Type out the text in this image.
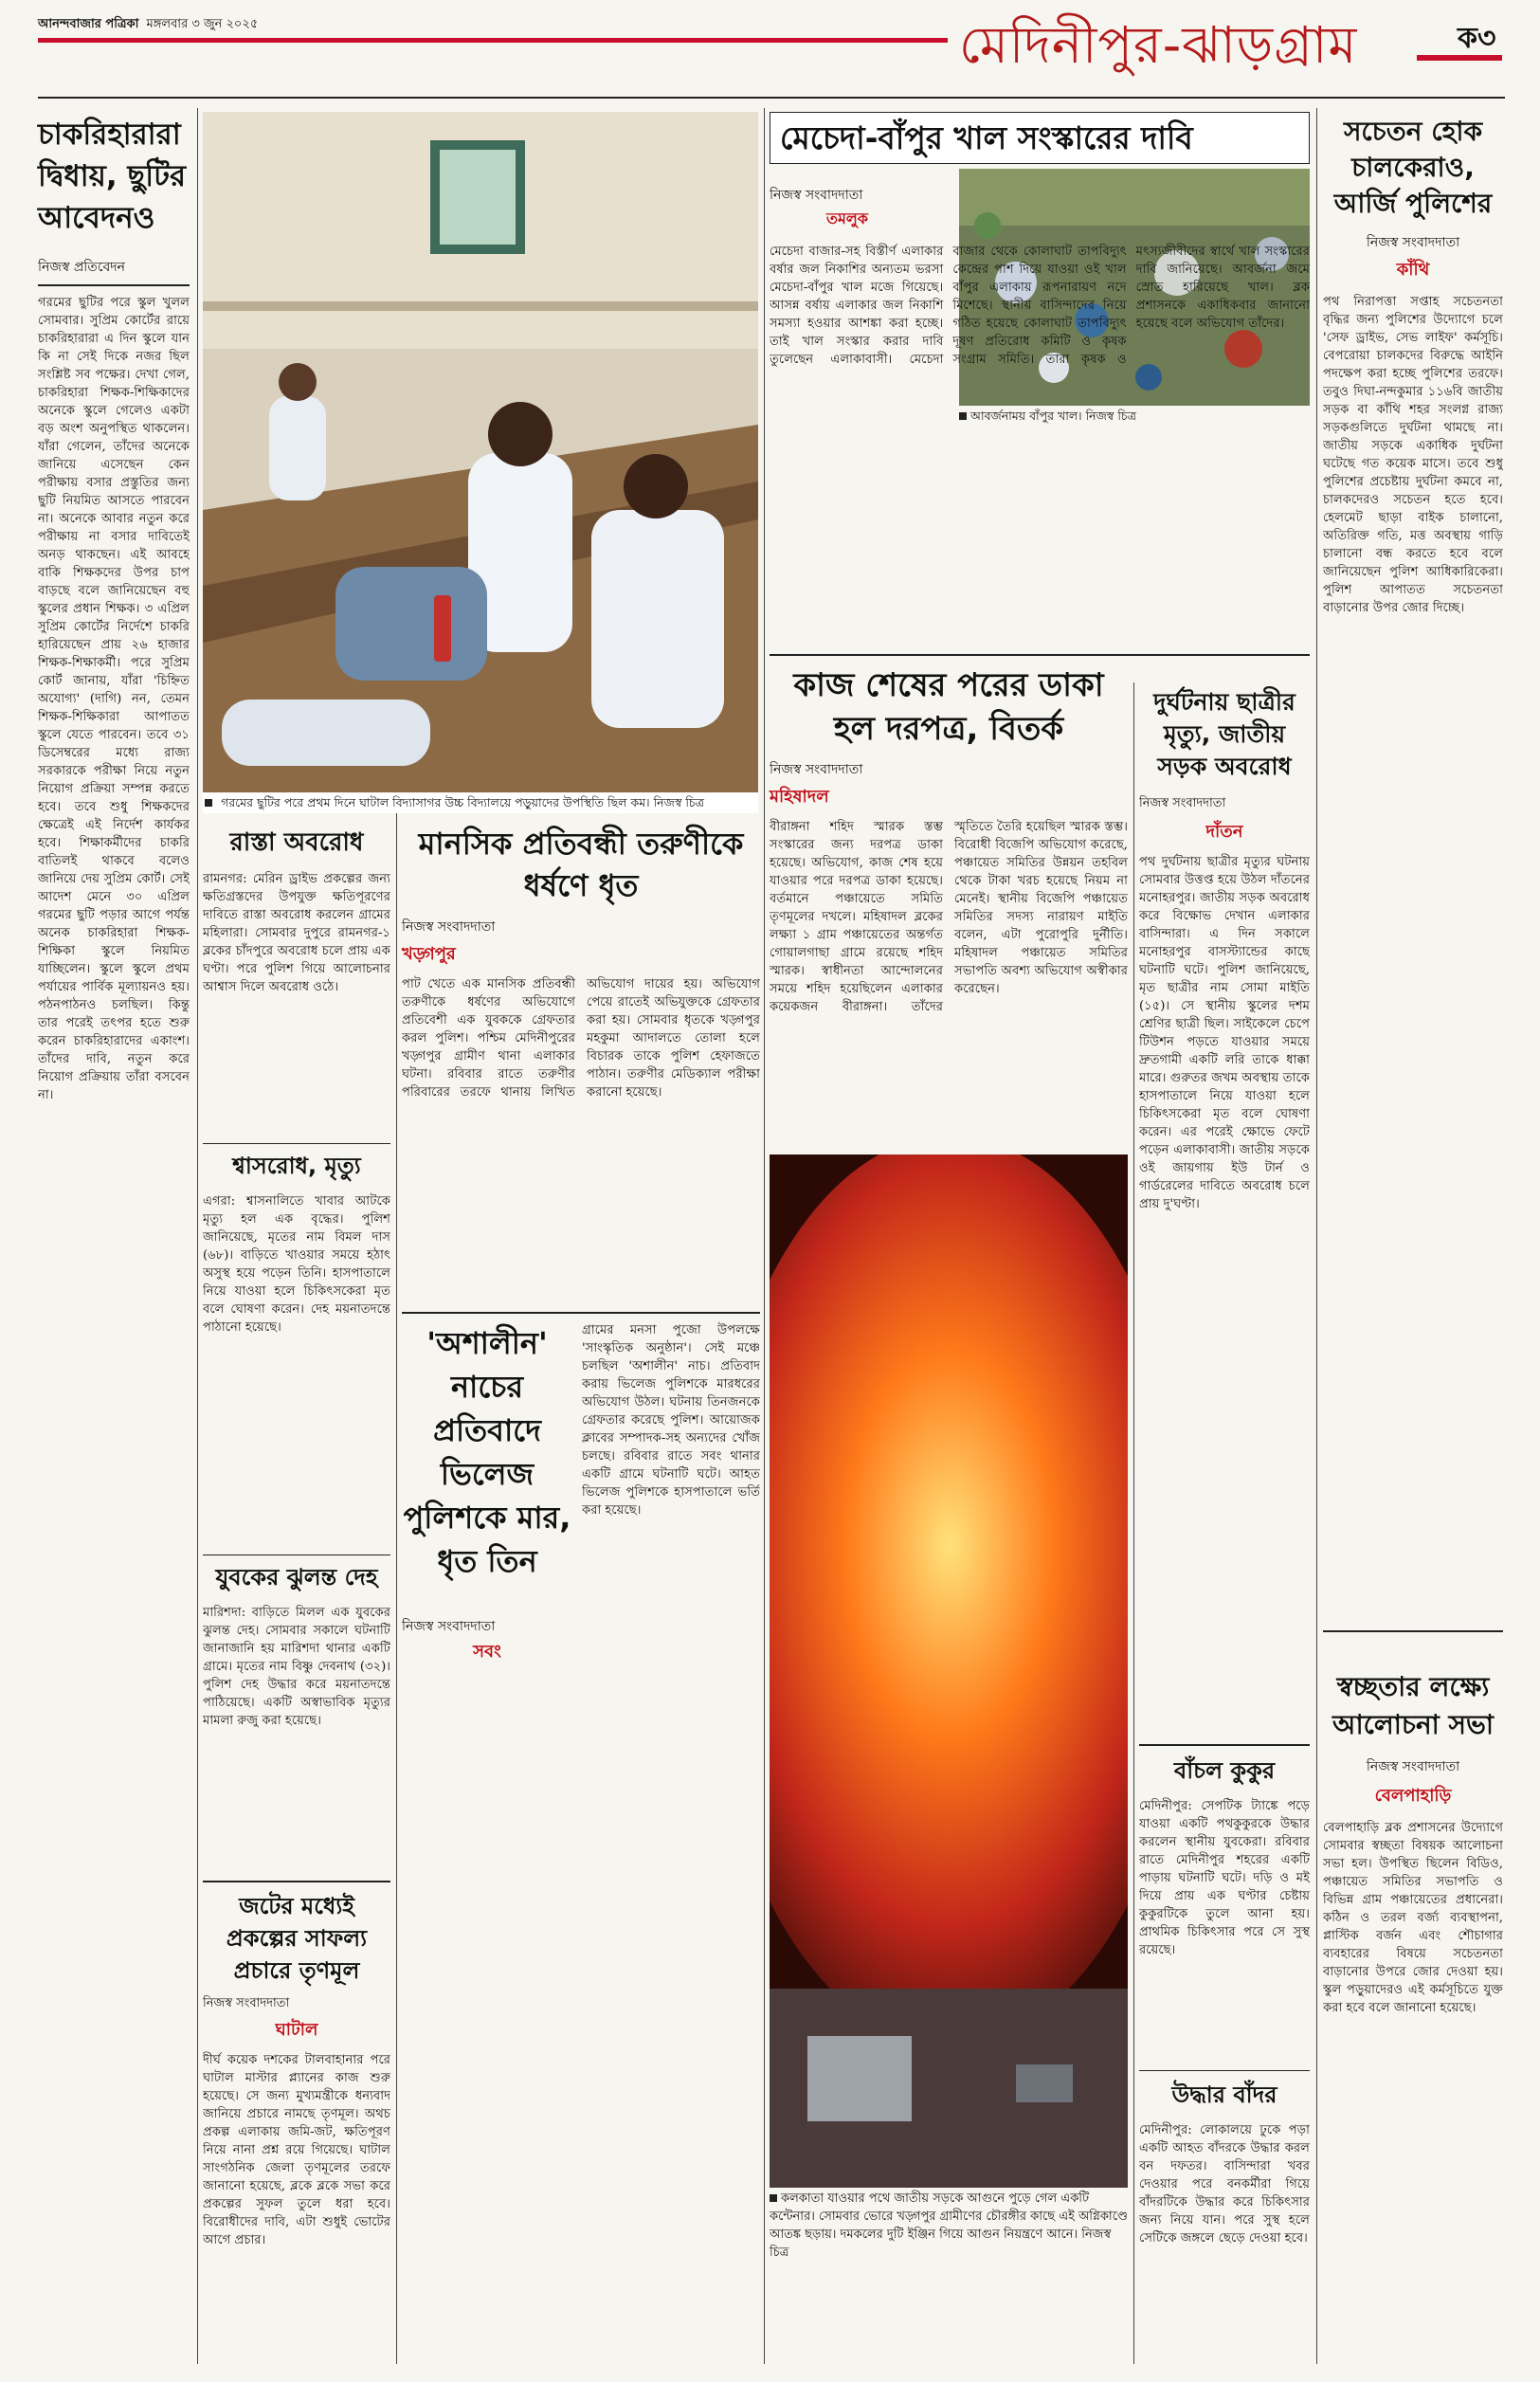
আনন্দবাজার পত্রিকা মঙ্গলবার ৩ জুন ২০২৫	মেদিনীপুর-ঝাড়গ্রাম	ক৩
চাকরিহারারা দ্বিধায়, ছুটির আবেদনও
নিজস্ব প্রতিবেদন
গরমের ছুটির পরে স্কুল খুলল সোমবার। সুপ্রিম কোর্টের রায়ে চাকরিহারারা এ দিন স্কুলে যান কি না সেই দিকে নজর ছিল সংশ্লিষ্ট সব পক্ষের। দেখা গেল, চাকরিহারা শিক্ষক-শিক্ষিকাদের অনেকে স্কুলে গেলেও একটা বড় অংশ অনুপস্থিত থাকলেন। যাঁরা গেলেন, তাঁদের অনেকে জানিয়ে এসেছেন কেন পরীক্ষায় বসার প্রস্তুতির জন্য ছুটি নিয়মিত আসতে পারবেন না। অনেকে আবার নতুন করে পরীক্ষায় না বসার দাবিতেই অনড় থাকছেন। এই আবহে বাকি শিক্ষকদের উপর চাপ বাড়ছে বলে জানিয়েছেন বহু স্কুলের প্রধান শিক্ষক। ৩ এপ্রিল সুপ্রিম কোর্টের নির্দেশে চাকরি হারিয়েছেন প্রায় ২৬ হাজার শিক্ষক-শিক্ষাকর্মী। পরে সুপ্রিম কোর্ট জানায়, যাঁরা 'চিহ্নিত অযোগ্য' (দাগি) নন, তেমন শিক্ষক-শিক্ষিকারা আপাতত স্কুলে যেতে পারবেন। তবে ৩১ ডিসেম্বরের মধ্যে রাজ্য সরকারকে পরীক্ষা নিয়ে নতুন নিয়োগ প্রক্রিয়া সম্পন্ন করতে হবে। তবে শুধু শিক্ষকদের ক্ষেত্রেই এই নির্দেশ কার্যকর হবে। শিক্ষাকর্মীদের চাকরি বাতিলই থাকবে বলেও জানিয়ে দেয় সুপ্রিম কোর্ট। সেই আদেশ মেনে ৩০ এপ্রিল গরমের ছুটি পড়ার আগে পর্যন্ত অনেক চাকরিহারা শিক্ষক-শিক্ষিকা স্কুলে নিয়মিত যাচ্ছিলেন। স্কুলে স্কুলে প্রথম পর্যায়ের পার্বিক মূল্যায়নও হয়। পঠনপাঠনও চলছিল। কিন্তু তার পরেই তৎপর হতে শুরু করেন চাকরিহারাদের একাংশ। তাঁদের দাবি, নতুন করে নিয়োগ প্রক্রিয়ায় তাঁরা বসবেন না।
গরমের ছুটির পরে প্রথম দিনে ঘাটাল বিদ্যাসাগর উচ্চ বিদ্যালয়ে পড়ুয়াদের উপস্থিতি ছিল কম। নিজস্ব চিত্র
মেচেদা-বাঁপুর খাল সংস্কারের দাবি
নিজস্ব সংবাদদাতা
তমলুক
আবর্জনাময় বাঁপুর খাল। নিজস্ব চিত্র
মেচেদা বাজার-সহ বিস্তীর্ণ এলাকার বর্ষার জল নিকাশির অন্যতম ভরসা মেচেদা-বাঁপুর খাল মজে গিয়েছে। আসন্ন বর্ষায় এলাকার জল নিকাশি সমস্যা হওয়ার আশঙ্কা করা হচ্ছে। তাই খাল সংস্কার করার দাবি তুলেছেন এলাকাবাসী। মেচেদা বাজার থেকে কোলাঘাট তাপবিদ্যুৎ কেন্দ্রের পাশ দিয়ে যাওয়া ওই খাল বাঁপুর এলাকায় রূপনারায়ণ নদে মিশেছে। স্থানীয় বাসিন্দাদের নিয়ে গঠিত হয়েছে কোলাঘাট তাপবিদ্যুৎ দূষণ প্রতিরোধ কমিটি ও কৃষক সংগ্রাম সমিতি। তারা কৃষক ও মৎস্যজীবীদের স্বার্থে খাল সংস্কারের দাবি জানিয়েছে। আবর্জনা জমে স্রোত হারিয়েছে খাল। ব্লক প্রশাসনকে একাধিকবার জানানো হয়েছে বলে অভিযোগ তাঁদের।
সচেতন হোক চালকেরাও, আর্জি পুলিশের
নিজস্ব সংবাদদাতা
কাঁথি
পথ নিরাপত্তা সপ্তাহ সচেতনতা বৃদ্ধির জন্য পুলিশের উদ্যোগে চলে 'সেফ ড্রাইভ, সেভ লাইফ' কর্মসূচি। বেপরোয়া চালকদের বিরুদ্ধে আইনি পদক্ষেপ করা হচ্ছে পুলিশের তরফে। তবুও দিঘা-নন্দকুমার ১১৬বি জাতীয় সড়ক বা কাঁথি শহর সংলগ্ন রাজ্য সড়কগুলিতে দুর্ঘটনা থামছে না। জাতীয় সড়কে একাধিক দুর্ঘটনা ঘটেছে গত কয়েক মাসে। তবে শুধু পুলিশের প্রচেষ্টায় দুর্ঘটনা কমবে না, চালকদেরও সচেতন হতে হবে। হেলমেট ছাড়া বাইক চালানো, অতিরিক্ত গতি, মত্ত অবস্থায় গাড়ি চালানো বন্ধ করতে হবে বলে জানিয়েছেন পুলিশ আধিকারিকেরা। পুলিশ আপাতত সচেতনতা বাড়ানোর উপর জোর দিচ্ছে।
কাজ শেষের পরের ডাকা হল দরপত্র, বিতর্ক
নিজস্ব সংবাদদাতা
মহিষাদল
বীরাঙ্গনা শহিদ স্মারক স্তম্ভ সংস্কারের জন্য দরপত্র ডাকা হয়েছে। অভিযোগ, কাজ শেষ হয়ে যাওয়ার পরে দরপত্র ডাকা হয়েছে। বর্তমানে পঞ্চায়েতে সমিতি তৃণমূলের দখলে। মহিষাদল ব্লকের লক্ষ্যা ১ গ্রাম পঞ্চায়েতের অন্তর্গত গোয়ালগাছা গ্রামে রয়েছে শহিদ স্মারক। স্বাধীনতা আন্দোলনের সময়ে শহিদ হয়েছিলেন এলাকার কয়েকজন বীরাঙ্গনা। তাঁদের স্মৃতিতে তৈরি হয়েছিল স্মারক স্তম্ভ। বিরোধী বিজেপি অভিযোগ করেছে, পঞ্চায়েত সমিতির উন্নয়ন তহবিল থেকে টাকা খরচ হয়েছে নিয়ম না মেনেই। স্থানীয় বিজেপি পঞ্চায়েত সমিতির সদস্য নারায়ণ মাইতি বলেন, এটা পুরোপুরি দুর্নীতি। মহিষাদল পঞ্চায়েত সমিতির সভাপতি অবশ্য অভিযোগ অস্বীকার করেছেন।
কলকাতা যাওয়ার পথে জাতীয় সড়কে আগুনে পুড়ে গেল একটি কন্টেনার। সোমবার ভোরে খড়্গপুর গ্রামীণের চৌরঙ্গীর কাছে এই অগ্নিকাণ্ডে আতঙ্ক ছড়ায়। দমকলের দুটি ইঞ্জিন গিয়ে আগুন নিয়ন্ত্রণে আনে। নিজস্ব চিত্র
দুর্ঘটনায় ছাত্রীর মৃত্যু, জাতীয় সড়ক অবরোধ
নিজস্ব সংবাদদাতা
দাঁতন
পথ দুর্ঘটনায় ছাত্রীর মৃত্যুর ঘটনায় সোমবার উত্তপ্ত হয়ে উঠল দাঁতনের মনোহরপুর। জাতীয় সড়ক অবরোধ করে বিক্ষোভ দেখান এলাকার বাসিন্দারা। এ দিন সকালে মনোহরপুর বাসস্ট্যান্ডের কাছে ঘটনাটি ঘটে। পুলিশ জানিয়েছে, মৃত ছাত্রীর নাম সোমা মাইতি (১৫)। সে স্থানীয় স্কুলের দশম শ্রেণির ছাত্রী ছিল। সাইকেলে চেপে টিউশন পড়তে যাওয়ার সময়ে দ্রুতগামী একটি লরি তাকে ধাক্কা মারে। গুরুতর জখম অবস্থায় তাকে হাসপাতালে নিয়ে যাওয়া হলে চিকিৎসকেরা মৃত বলে ঘোষণা করেন। এর পরেই ক্ষোভে ফেটে পড়েন এলাকাবাসী। জাতীয় সড়কে ওই জায়গায় ইউ টার্ন ও গার্ডরেলের দাবিতে অবরোধ চলে প্রায় দু'ঘণ্টা।
বাঁচল কুকুর
মেদিনীপুর: সেপটিক ট্যাঙ্কে পড়ে যাওয়া একটি পথকুকুরকে উদ্ধার করলেন স্থানীয় যুবকেরা। রবিবার রাতে মেদিনীপুর শহরের একটি পাড়ায় ঘটনাটি ঘটে। দড়ি ও মই দিয়ে প্রায় এক ঘণ্টার চেষ্টায় কুকুরটিকে তুলে আনা হয়। প্রাথমিক চিকিৎসার পরে সে সুস্থ রয়েছে।
উদ্ধার বাঁদর
মেদিনীপুর: লোকালয়ে ঢুকে পড়া একটি আহত বাঁদরকে উদ্ধার করল বন দফতর। বাসিন্দারা খবর দেওয়ার পরে বনকর্মীরা গিয়ে বাঁদরটিকে উদ্ধার করে চিকিৎসার জন্য নিয়ে যান। পরে সুস্থ হলে সেটিকে জঙ্গলে ছেড়ে দেওয়া হবে।
স্বচ্ছতার লক্ষ্যে আলোচনা সভা
নিজস্ব সংবাদদাতা
বেলপাহাড়ি
বেলপাহাড়ি ব্লক প্রশাসনের উদ্যোগে সোমবার স্বচ্ছতা বিষয়ক আলোচনা সভা হল। উপস্থিত ছিলেন বিডিও, পঞ্চায়েত সমিতির সভাপতি ও বিভিন্ন গ্রাম পঞ্চায়েতের প্রধানেরা। কঠিন ও তরল বর্জ্য ব্যবস্থাপনা, প্লাস্টিক বর্জন এবং শৌচাগার ব্যবহারের বিষয়ে সচেতনতা বাড়ানোর উপরে জোর দেওয়া হয়। স্কুল পড়ুয়াদেরও এই কর্মসূচিতে যুক্ত করা হবে বলে জানানো হয়েছে।
রাস্তা অবরোধ
রামনগর: মেরিন ড্রাইভ প্রকল্পের জন্য ক্ষতিগ্রস্তদের উপযুক্ত ক্ষতিপূরণের দাবিতে রাস্তা অবরোধ করলেন গ্রামের মহিলারা। সোমবার দুপুরে রামনগর-১ ব্লকের চাঁদপুরে অবরোধ চলে প্রায় এক ঘণ্টা। পরে পুলিশ গিয়ে আলোচনার আশ্বাস দিলে অবরোধ ওঠে।
শ্বাসরোধ, মৃত্যু
এগরা: শ্বাসনালিতে খাবার আটকে মৃত্যু হল এক বৃদ্ধের। পুলিশ জানিয়েছে, মৃতের নাম বিমল দাস (৬৮)। বাড়িতে খাওয়ার সময়ে হঠাৎ অসুস্থ হয়ে পড়েন তিনি। হাসপাতালে নিয়ে যাওয়া হলে চিকিৎসকেরা মৃত বলে ঘোষণা করেন। দেহ ময়নাতদন্তে পাঠানো হয়েছে।
যুবকের ঝুলন্ত দেহ
মারিশদা: বাড়িতে মিলল এক যুবকের ঝুলন্ত দেহ। সোমবার সকালে ঘটনাটি জানাজানি হয় মারিশদা থানার একটি গ্রামে। মৃতের নাম বিষ্ণু দেবনাথ (৩২)। পুলিশ দেহ উদ্ধার করে ময়নাতদন্তে পাঠিয়েছে। একটি অস্বাভাবিক মৃত্যুর মামলা রুজু করা হয়েছে।
মানসিক প্রতিবন্ধী তরুণীকে ধর্ষণে ধৃত
নিজস্ব সংবাদদাতা
খড়্গপুর
পাট খেতে এক মানসিক প্রতিবন্ধী তরুণীকে ধর্ষণের অভিযোগে প্রতিবেশী এক যুবককে গ্রেফতার করল পুলিশ। পশ্চিম মেদিনীপুরের খড়্গপুর গ্রামীণ থানা এলাকার ঘটনা। রবিবার রাতে তরুণীর পরিবারের তরফে থানায় লিখিত অভিযোগ দায়ের হয়। অভিযোগ পেয়ে রাতেই অভিযুক্তকে গ্রেফতার করা হয়। সোমবার ধৃতকে খড়্গপুর মহকুমা আদালতে তোলা হলে বিচারক তাকে পুলিশ হেফাজতে পাঠান। তরুণীর মেডিক্যাল পরীক্ষা করানো হয়েছে।
'অশালীন' নাচের প্রতিবাদে ভিলেজ পুলিশকে মার, ধৃত তিন
নিজস্ব সংবাদদাতা
সবং
গ্রামের মনসা পুজো উপলক্ষে 'সাংস্কৃতিক অনুষ্ঠান'। সেই মঞ্চে চলছিল 'অশালীন' নাচ। প্রতিবাদ করায় ভিলেজ পুলিশকে মারধরের অভিযোগ উঠল। ঘটনায় তিনজনকে গ্রেফতার করেছে পুলিশ। আয়োজক ক্লাবের সম্পাদক-সহ অন্যদের খোঁজ চলছে। রবিবার রাতে সবং থানার একটি গ্রামে ঘটনাটি ঘটে। আহত ভিলেজ পুলিশকে হাসপাতালে ভর্তি করা হয়েছে।
জটের মধ্যেই প্রকল্পের সাফল্য প্রচারে তৃণমূল
নিজস্ব সংবাদদাতা
ঘাটাল
দীর্ঘ কয়েক দশকের টালবাহানার পরে ঘাটাল মাস্টার প্ল্যানের কাজ শুরু হয়েছে। সে জন্য মুখ্যমন্ত্রীকে ধন্যবাদ জানিয়ে প্রচারে নামছে তৃণমূল। অথচ প্রকল্প এলাকায় জমি-জট, ক্ষতিপূরণ নিয়ে নানা প্রশ্ন রয়ে গিয়েছে। ঘাটাল সাংগঠনিক জেলা তৃণমূলের তরফে জানানো হয়েছে, ব্লকে ব্লকে সভা করে প্রকল্পের সুফল তুলে ধরা হবে। বিরোধীদের দাবি, এটা শুধুই ভোটের আগে প্রচার।
